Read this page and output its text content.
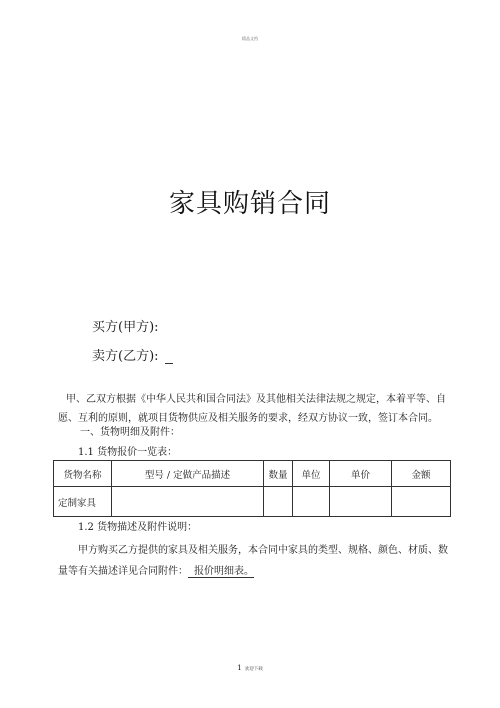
精品文档
家具购销合同
买方(甲方):
卖方(乙方):
甲、乙双方根据《中华人民共和国合同法》及其他相关法律法规之规定，本着平等、自愿、互利的原则，就项目货物供应及相关服务的要求，经双方协议一致，签订本合同。
一、货物明细及附件：
1.1 货物报价一览表：
货物名称	型号 / 定做产品描述	数量	单位	单价	金额
定制家具					
1.2 货物描述及附件说明：
甲方购买乙方提供的家具及相关服务，本合同中家具的类型、规格、颜色、材质、数量等有关描述详见合同附件： 报价明细表。
1 欢迎下载
